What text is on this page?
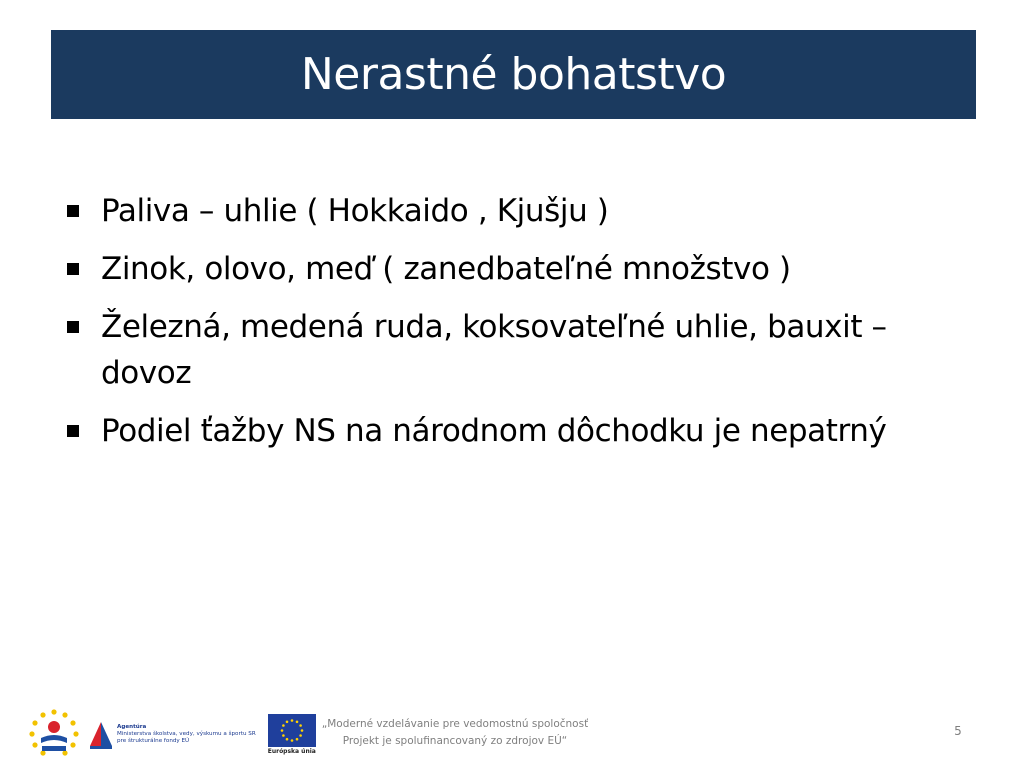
Nerastné bohatstvo
Paliva – uhlie ( Hokkaido , Kjušju )
Zinok, olovo, meď ( zanedbateľné množstvo )
Železná, medená ruda, koksovateľné uhlie, bauxit – dovoz
Podiel ťažby NS na národnom dôchodku je nepatrný
Agentúra
Ministerstva školstva, vedy, výskumu a športu SR
pre štrukturálne fondy EÚ
Európska únia
„Moderné vzdelávanie pre vedomostnú spoločnosť
Projekt je spolufinancovaný zo zdrojov EÚ“
5
